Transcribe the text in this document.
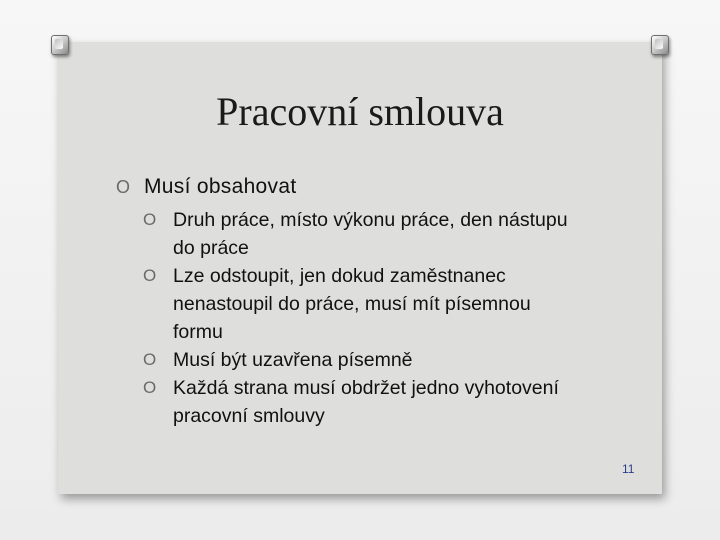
Pracovní smlouva
O Musí obsahovat
O Druh práce, místo výkonu práce, den nástupu do práce
O Lze odstoupit, jen dokud zaměstnanec nenastoupil do práce, musí mít písemnou formu
O Musí být uzavřena písemně
O Každá strana musí obdržet jedno vyhotovení pracovní smlouvy
11
